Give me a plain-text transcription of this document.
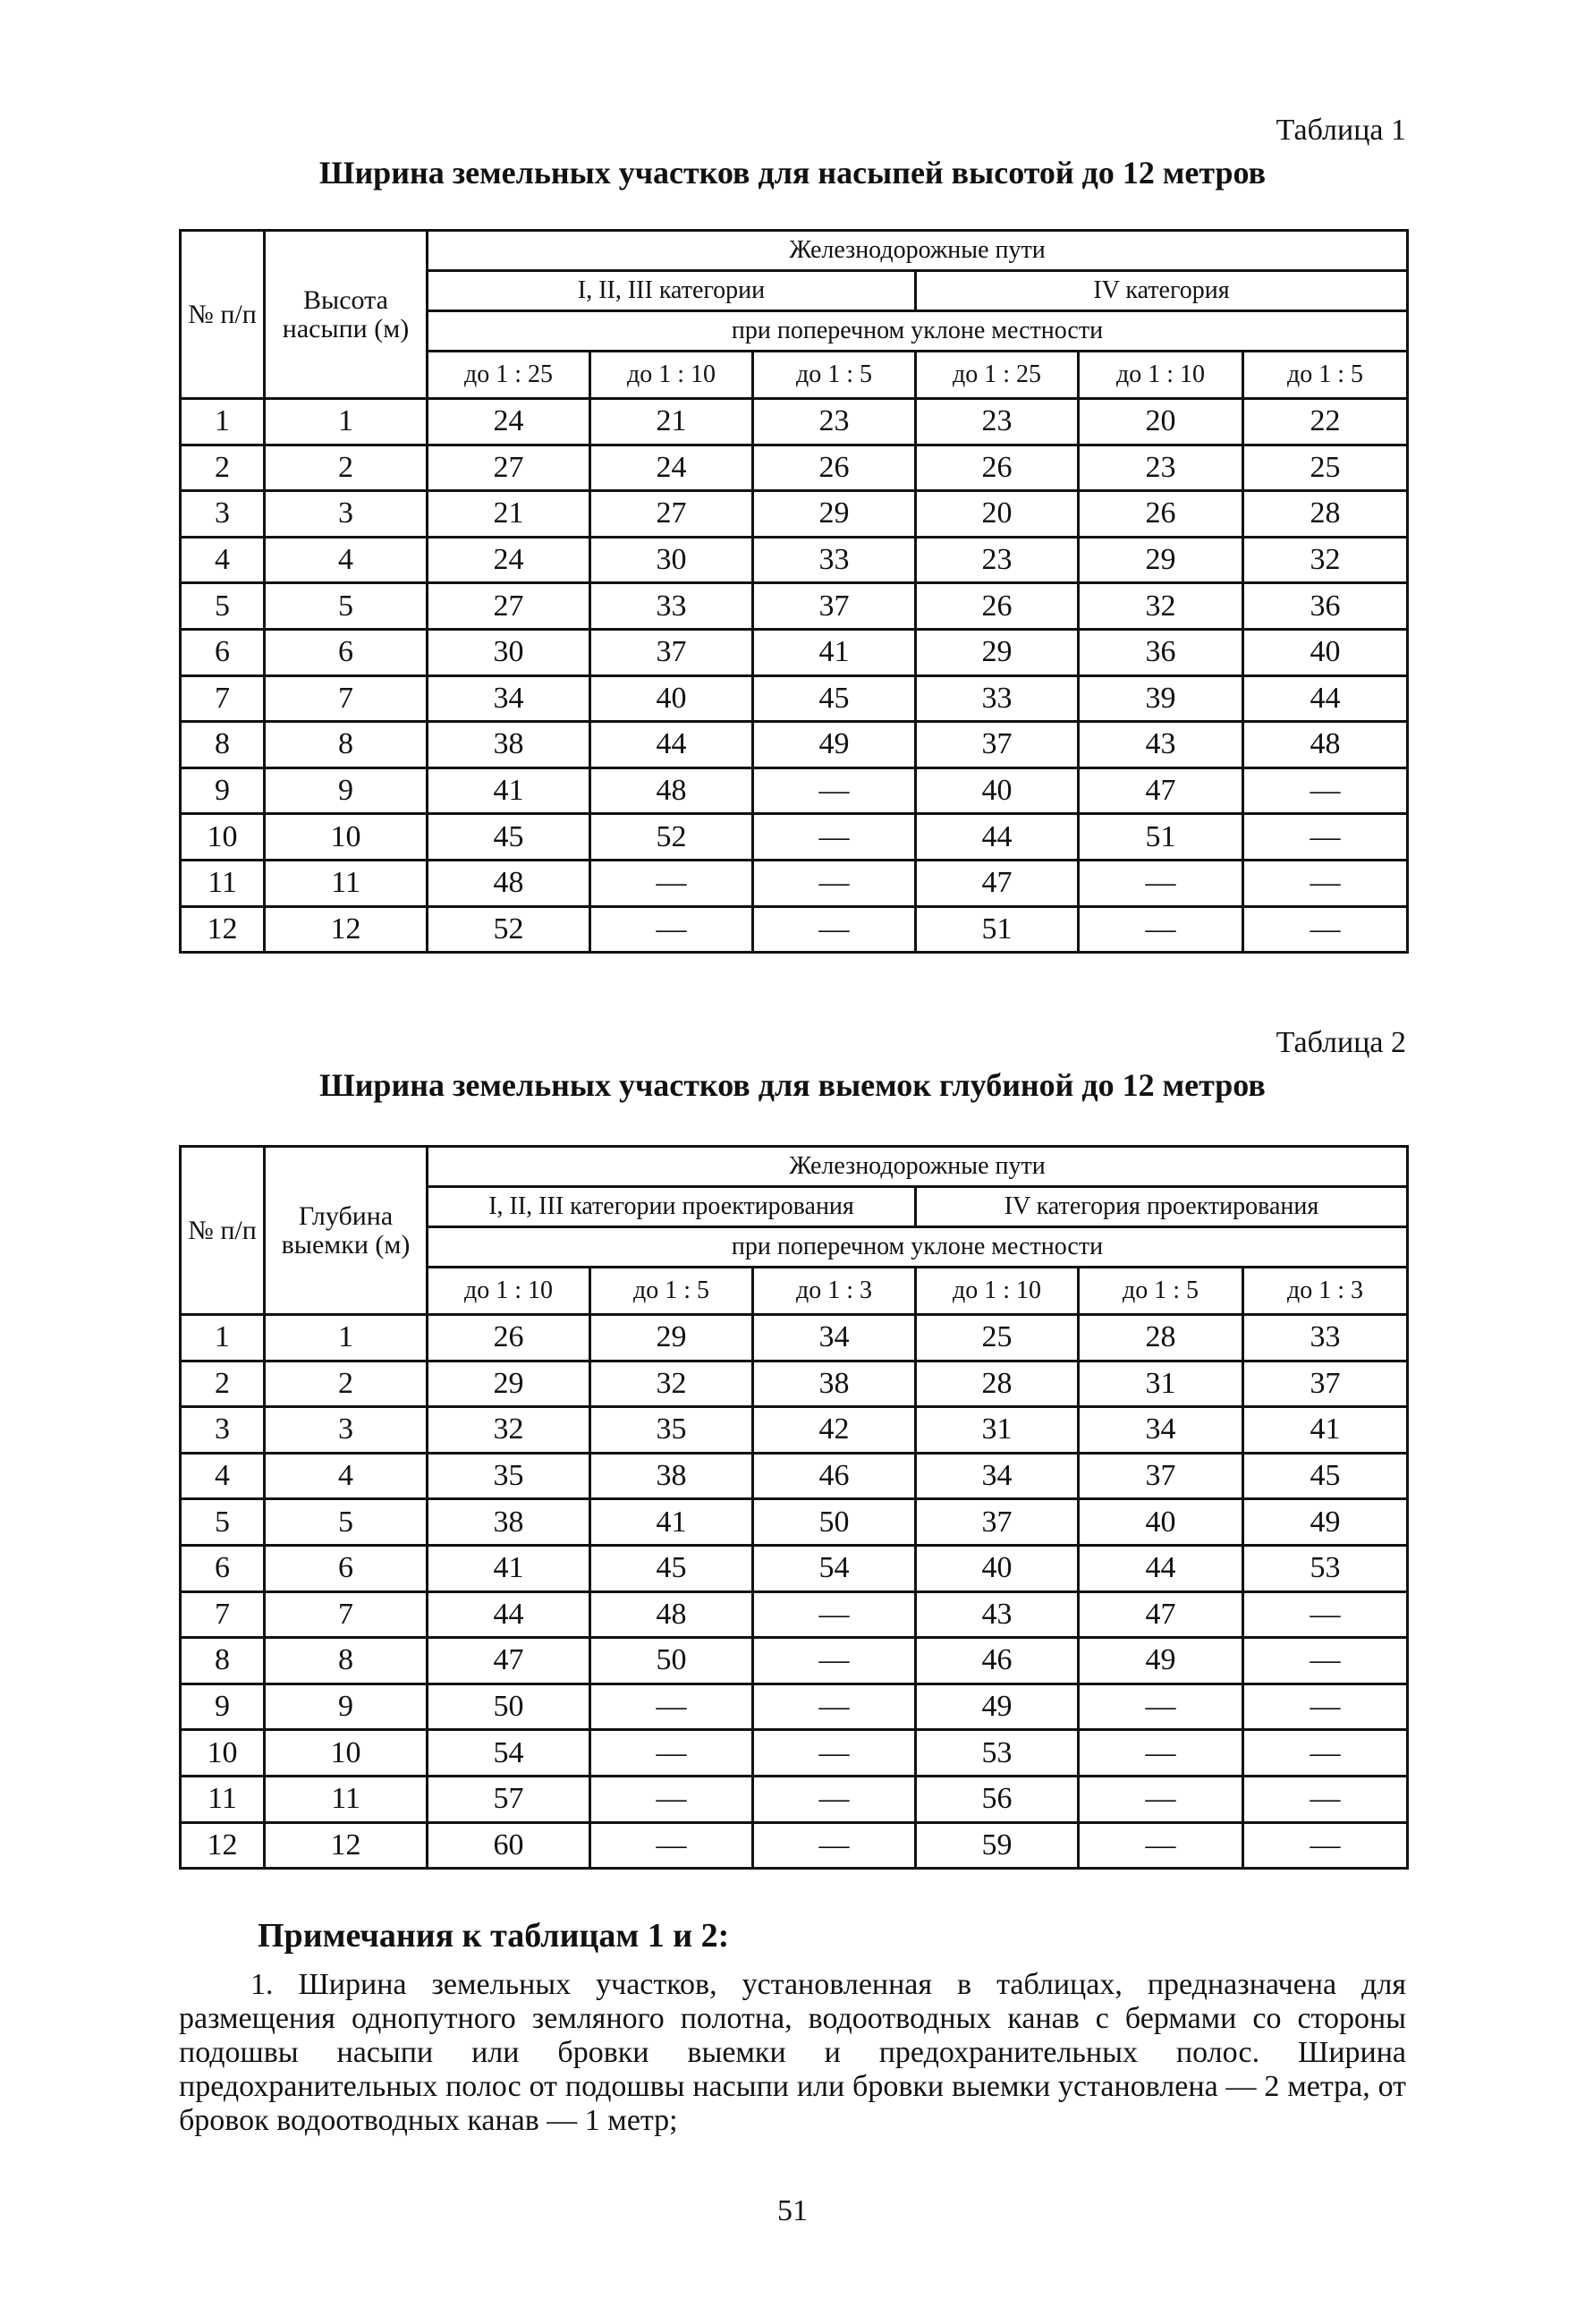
Таблица 1
Ширина земельных участков для насыпей высотой до 12 метров
№ п/п	Высота насыпи (м)	Железнодорожные пути					
		I, II, III категории			IV категория		
		при поперечном уклоне местности					
		до 1 : 25	до 1 : 10	до 1 : 5	до 1 : 25	до 1 : 10	до 1 : 5
1	1	24	21	23	23	20	22
2	2	27	24	26	26	23	25
3	3	21	27	29	20	26	28
4	4	24	30	33	23	29	32
5	5	27	33	37	26	32	36
6	6	30	37	41	29	36	40
7	7	34	40	45	33	39	44
8	8	38	44	49	37	43	48
9	9	41	48	—	40	47	—
10	10	45	52	—	44	51	—
11	11	48	—	—	47	—	—
12	12	52	—	—	51	—	—
Таблица 2
Ширина земельных участков для выемок глубиной до 12 метров
№ п/п	Глубина выемки (м)	Железнодорожные пути					
		I, II, III категории проектирования			IV категория проектирования		
		при поперечном уклоне местности					
		до 1 : 10	до 1 : 5	до 1 : 3	до 1 : 10	до 1 : 5	до 1 : 3
1	1	26	29	34	25	28	33
2	2	29	32	38	28	31	37
3	3	32	35	42	31	34	41
4	4	35	38	46	34	37	45
5	5	38	41	50	37	40	49
6	6	41	45	54	40	44	53
7	7	44	48	—	43	47	—
8	8	47	50	—	46	49	—
9	9	50	—	—	49	—	—
10	10	54	—	—	53	—	—
11	11	57	—	—	56	—	—
12	12	60	—	—	59	—	—
Примечания к таблицам 1 и 2:

1. Ширина земельных участков, установленная в таблицах, предназначена для размещения однопутного земляного полотна, водоотводных канав с бермами со стороны подошвы насыпи или бровки выемки и предохранительных полос. Ширина предохранительных полос от подошвы насыпи или бровки выемки установлена — 2 метра, от бровок водоотводных канав — 1 метр;

51
